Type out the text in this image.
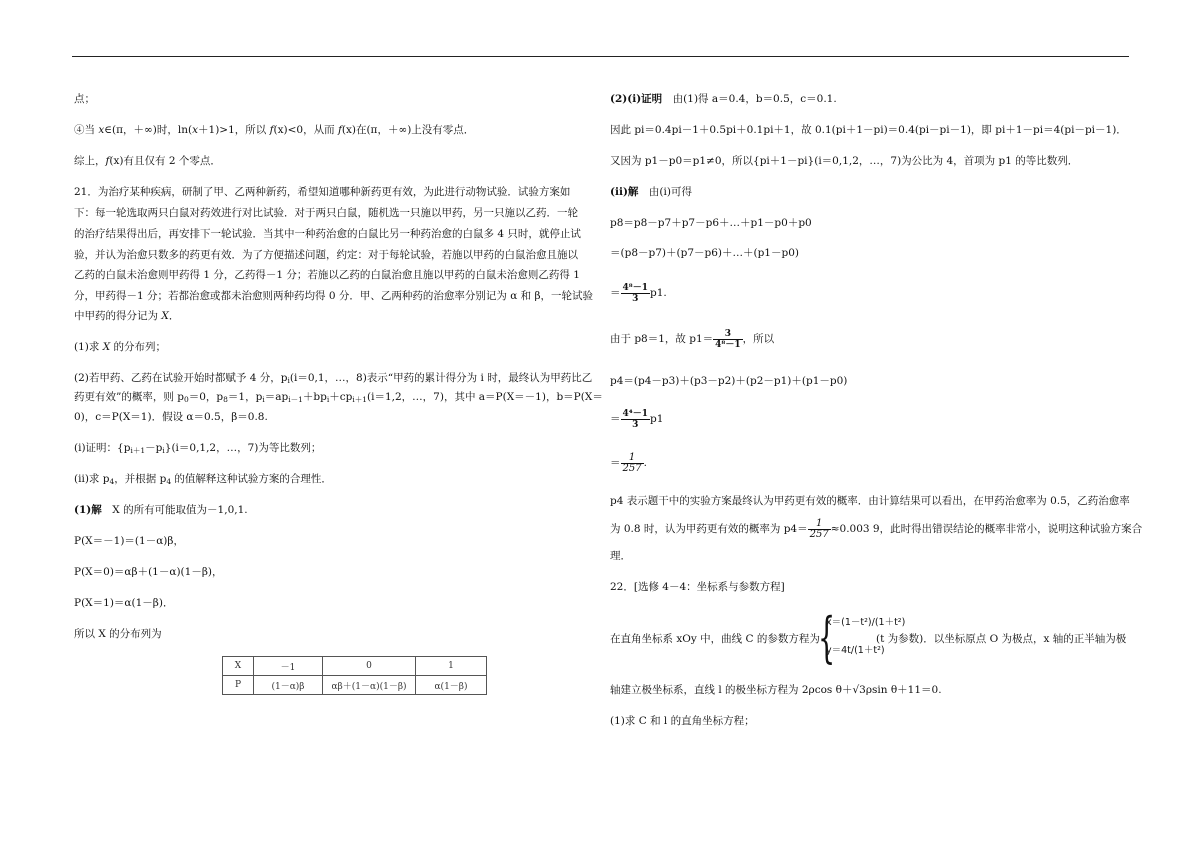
点；
④当 x∈(π，＋∞)时，ln(x＋1)>1，所以 f(x)<0，从而 f(x)在(π，＋∞)上没有零点．
综上，f(x)有且仅有 2 个零点．
21．为治疗某种疾病，研制了甲、乙两种新药，希望知道哪种新药更有效，为此进行动物试验．试验方案如
下：每一轮选取两只白鼠对药效进行对比试验．对于两只白鼠，随机选一只施以甲药，另一只施以乙药．一轮
的治疗结果得出后，再安排下一轮试验．当其中一种药治愈的白鼠比另一种药治愈的白鼠多 4 只时，就停止试
验，并认为治愈只数多的药更有效．为了方便描述问题，约定：对于每轮试验，若施以甲药的白鼠治愈且施以
乙药的白鼠未治愈则甲药得 1 分，乙药得－1 分；若施以乙药的白鼠治愈且施以甲药的白鼠未治愈则乙药得 1
分，甲药得－1 分；若都治愈或都未治愈则两种药均得 0 分．甲、乙两种药的治愈率分别记为 α 和 β，一轮试验
中甲药的得分记为 X．
(1)求 X 的分布列；
(2)若甲药、乙药在试验开始时都赋予 4 分，$p_i(i=0,1$，…，8)表示“甲药的累计得分为 i 时，最终认为甲药比乙
药更有效”的概率，则 $p_0=0$，$p_8=1$，$p_i=ap_{i-1}+bp_i+cp_{i+1}(i=1,2$，…，7)，其中 a＝P(X＝－1)，b＝P(X＝
0)，c＝P(X＝1)．假设 α＝0.5，β＝0.8.
(ⅰ)证明：$\{p_{i+1}-p_i\}(i=0,1,2$，…，7)为等比数列；
(ⅱ)求 $p_4$，并根据 $p_4$ 的值解释这种试验方案的合理性．
(1)解　X 的所有可能取值为－1,0,1.
P(X＝－1)＝(1－α)β，
P(X＝0)＝αβ＋(1－α)(1－β)，
P(X＝1)＝α(1－β)．
所以 X 的分布列为
X	－1	0	1
P	(1－α)β	αβ＋(1－α)(1－β)	α(1－β)
(2)(ⅰ)证明　由(1)得 a＝0.4，b＝0.5，c＝0.1.
因此 pi＝0.4pi－1＋0.5pi＋0.1pi＋1，故 0.1(pi＋1－pi)＝0.4(pi－pi－1)，即 pi＋1－pi＝4(pi－pi－1)．
又因为 p1－p0＝p1≠0，所以{pi＋1－pi}(i＝0,1,2，…，7)为公比为 4，首项为 p1 的等比数列．
(ⅱ)解　由(ⅰ)可得
p8＝p8－p7＋p7－p6＋…＋p1－p0＋p0
＝(p8－p7)＋(p7－p6)＋…＋(p1－p0)
＝ $\frac{\text{4⁸－1}}{3} p1$.
由于 p8＝1，故 $p1= \frac{3}{\text{4⁸－1}}$ ，所以
p4＝(p4－p3)＋(p3－p2)＋(p2－p1)＋(p1－p0)
＝ $\frac{\text{4⁴－1}}{3} p1$
＝ $\frac{1}{257}$ .
p4 表示题干中的实验方案最终认为甲药更有效的概率．由计算结果可以看出，在甲药治愈率为 0.5，乙药治愈率
为 0.8 时，认为甲药更有效的概率为 $p4= \frac{1}{257} \approx 0.003$ 9，此时得出错误结论的概率非常小，说明这种试验方案合
理．
22．[选修 4－4：坐标系与参数方程]
在直角坐标系 xOy 中，曲线 C 的参数方程为
{
x＝(1－t²)/(1＋t²)
y＝4t/(1＋t²)
(t 为参数)．以坐标原点 O 为极点，x 轴的正半轴为极
轴建立极坐标系，直线 l 的极坐标方程为 2ρcos θ＋√3ρsin θ＋11＝0.
(1)求 C 和 l 的直角坐标方程；
